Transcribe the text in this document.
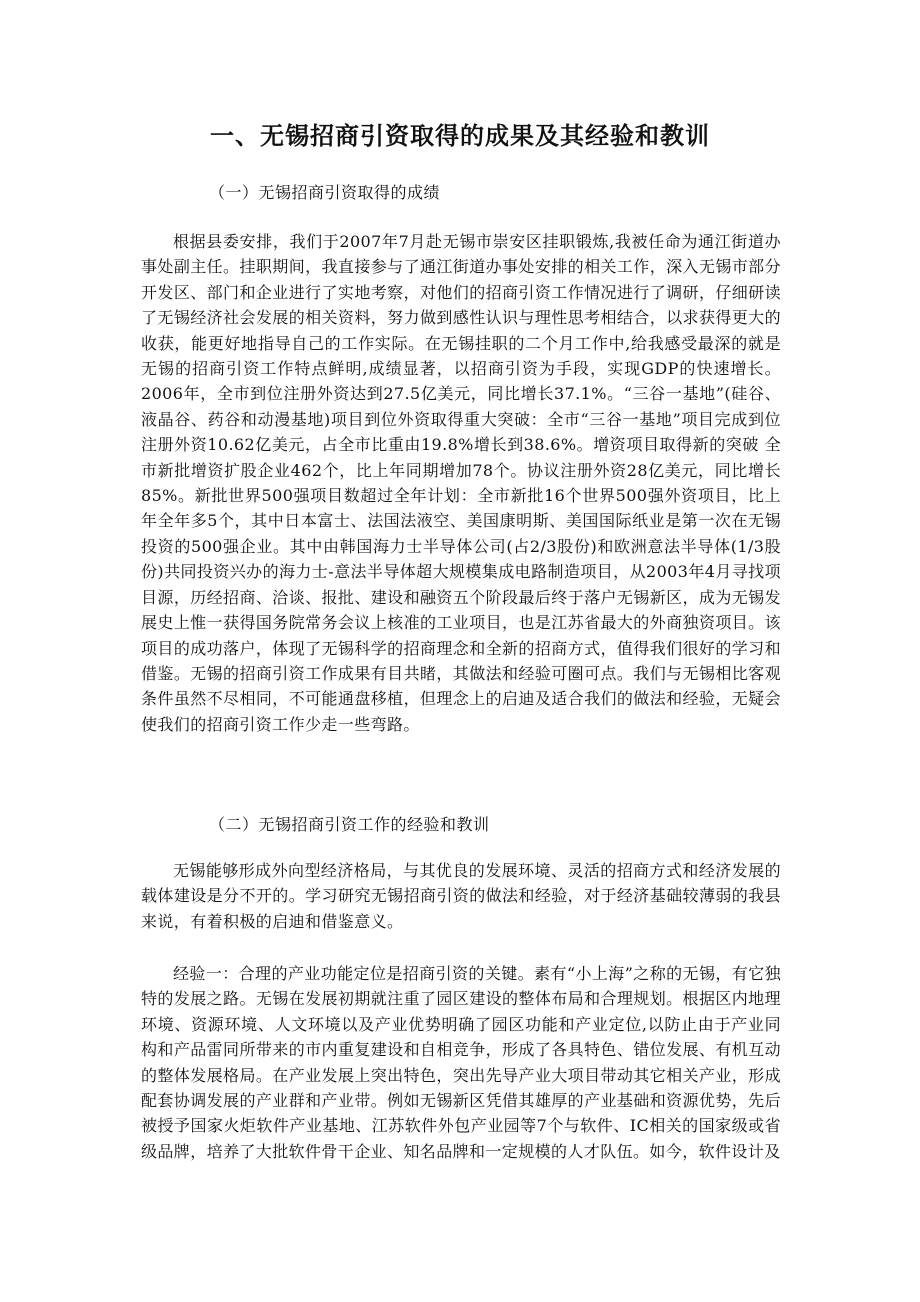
一、无锡招商引资取得的成果及其经验和教训

（一）无锡招商引资取得的成绩

根据县委安排，我们于2007年7月赴无锡市崇安区挂职锻炼,我被任命为通江街道办事处副主任。挂职期间，我直接参与了通江街道办事处安排的相关工作，深入无锡市部分开发区、部门和企业进行了实地考察，对他们的招商引资工作情况进行了调研，仔细研读了无锡经济社会发展的相关资料，努力做到感性认识与理性思考相结合，以求获得更大的收获，能更好地指导自己的工作实际。在无锡挂职的二个月工作中,给我感受最深的就是无锡的招商引资工作特点鲜明,成绩显著，以招商引资为手段，实现GDP的快速增长。2006年，全市到位注册外资达到27.5亿美元，同比增长37.1%。“三谷一基地”(硅谷、液晶谷、药谷和动漫基地)项目到位外资取得重大突破：全市“三谷一基地”项目完成到位注册外资10.62亿美元，占全市比重由19.8%增长到38.6%。增资项目取得新的突破 全市新批增资扩股企业462个，比上年同期增加78个。协议注册外资28亿美元，同比增长85%。新批世界500强项目数超过全年计划：全市新批16个世界500强外资项目，比上年全年多5个，其中日本富士、法国法液空、美国康明斯、美国国际纸业是第一次在无锡投资的500强企业。其中由韩国海力士半导体公司(占2/3股份)和欧洲意法半导体(1/3股份)共同投资兴办的海力士-意法半导体超大规模集成电路制造项目，从2003年4月寻找项目源，历经招商、洽谈、报批、建设和融资五个阶段最后终于落户无锡新区，成为无锡发展史上惟一获得国务院常务会议上核准的工业项目，也是江苏省最大的外商独资项目。该项目的成功落户，体现了无锡科学的招商理念和全新的招商方式，值得我们很好的学习和借鉴。无锡的招商引资工作成果有目共睹，其做法和经验可圈可点。我们与无锡相比客观条件虽然不尽相同，不可能通盘移植，但理念上的启迪及适合我们的做法和经验，无疑会使我们的招商引资工作少走一些弯路。

（二）无锡招商引资工作的经验和教训

无锡能够形成外向型经济格局，与其优良的发展环境、灵活的招商方式和经济发展的载体建设是分不开的。学习研究无锡招商引资的做法和经验，对于经济基础较薄弱的我县来说，有着积极的启迪和借鉴意义。

经验一：合理的产业功能定位是招商引资的关键。素有“小上海”之称的无锡，有它独特的发展之路。无锡在发展初期就注重了园区建设的整体布局和合理规划。根据区内地理环境、资源环境、人文环境以及产业优势明确了园区功能和产业定位,以防止由于产业同构和产品雷同所带来的市内重复建设和自相竞争，形成了各具特色、错位发展、有机互动的整体发展格局。在产业发展上突出特色，突出先导产业大项目带动其它相关产业，形成配套协调发展的产业群和产业带。例如无锡新区凭借其雄厚的产业基础和资源优势，先后被授予国家火炬软件产业基地、江苏软件外包产业园等7个与软件、IC相关的国家级或省级品牌，培养了大批软件骨干企业、知名品牌和一定规模的人才队伍。如今，软件设计及
